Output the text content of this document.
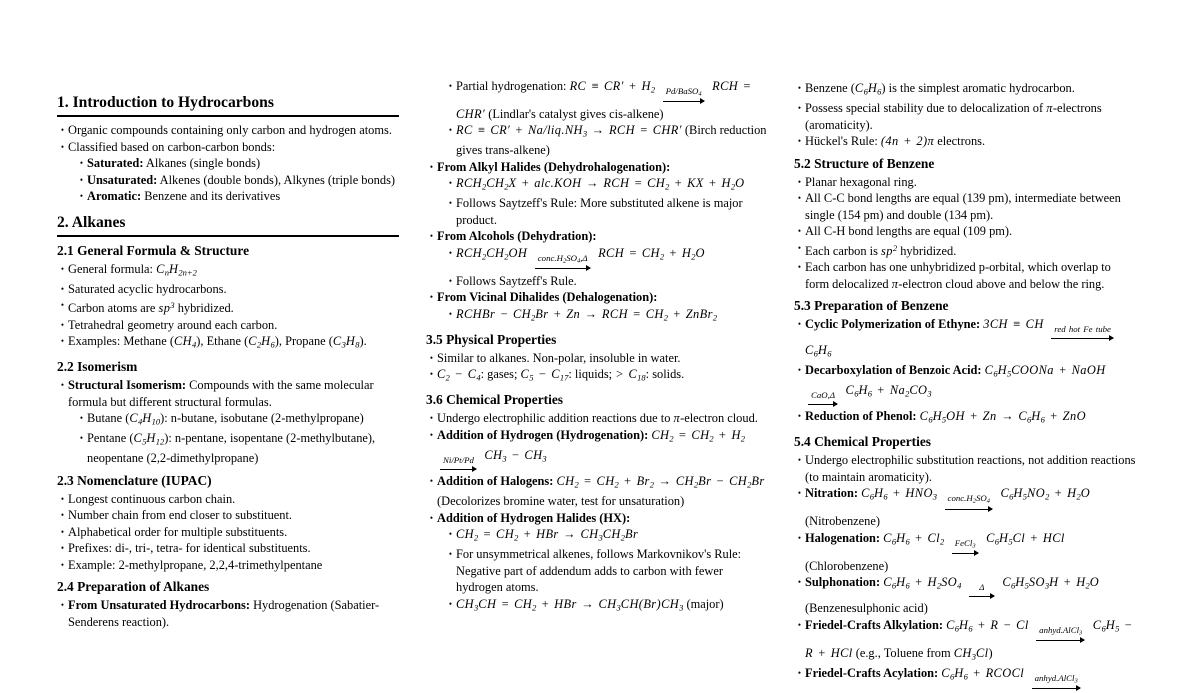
1. Introduction to Hydrocarbons
• Organic compounds containing only carbon and hydrogen atoms.
• Classified based on carbon-carbon bonds:
• Saturated: Alkanes (single bonds)
• Unsaturated: Alkenes (double bonds), Alkynes (triple bonds)
• Aromatic: Benzene and its derivatives
2. Alkanes
2.1 General Formula & Structure
• General formula: $C_nH_{2n+2}$
• Saturated acyclic hydrocarbons.
• Carbon atoms are $sp^3$ hybridized.
• Tetrahedral geometry around each carbon.
• Examples: Methane $(CH_4)$, Ethane $(C_2H_6)$, Propane $(C_3H_8)$.
2.2 Isomerism
• Structural Isomerism: Compounds with the same molecular formula but different structural formulas.
• Butane $(C_4H_{10})$: n-butane, isobutane (2-methylpropane)
• Pentane $(C_5H_{12})$: n-pentane, isopentane (2-methylbutane), neopentane (2,2-dimethylpropane)
2.3 Nomenclature (IUPAC)
• Longest continuous carbon chain.
• Number chain from end closer to substituent.
• Alphabetical order for multiple substituents.
• Prefixes: di-, tri-, tetra- for identical substituents.
• Example: 2-methylpropane, 2,2,4-trimethylpentane
2.4 Preparation of Alkanes
• From Unsaturated Hydrocarbons: Hydrogenation (Sabatier-Senderens reaction).
• Partial hydrogenation: RC ≡ $CR' + H_2$	Pd/BaSO$_4$
RCH = CHR′ (Lindlar's catalyst gives cis-alkene)
• RC ≡ $CR' + Na/liq.NH_3$ → RCH = CHR′ (Birch reduction gives trans-alkene)
• From Alkyl Halides (Dehydrohalogenation):
• $RCH_2CH_2X + alc.KOH$ → RCH = $CH_2$ + KX + $H_2O$
• Follows Saytzeff's Rule: More substituted alkene is major product.
• From Alcohols (Dehydration):
• $RCH_2CH_2OH$	$conc.H_2SO_4,\Delta$ RCH = $CH_2 + H_2O$
• Follows Saytzeff's Rule.
• From Vicinal Dihalides (Dehalogenation):
• RCHBr − $CH_2Br + Zn$ → RCH = $CH_2$ + ZnBr$_2$
3.5 Physical Properties
• Similar to alkanes. Non-polar, insoluble in water.
• $C_2 - C_4$: gases; $C_5 - C_{17}$: liquids; > $C_{18}$: solids.
3.6 Chemical Properties
• Undergo electrophilic addition reactions due to π-electron cloud.
• Addition of Hydrogen (Hydrogenation): $CH_2 = CH_2 + H_2$
Ni/Pt/Pd $CH_3 - CH_3$
• Addition of Halogens: $CH_2 = CH_2 + Br_2 \to CH_2Br - CH_2Br$ (Decolorizes bromine water, test for unsaturation)
• Addition of Hydrogen Halides (HX):
• $CH_2 = CH_2$ + HBr → $CH_3CH_2Br$
• For unsymmetrical alkenes, follows Markovnikov's Rule: Negative part of addendum adds to carbon with fewer hydrogen atoms.
• $CH_3CH = CH_2$ + HBr → $CH_3CH(Br)CH_3$ (major)
• Benzene $(C_6H_6)$ is the simplest aromatic hydrocarbon.
• Possess special stability due to delocalization of π-electrons (aromaticity).
• Hückel's Rule: (4n + 2)π electrons.
5.2 Structure of Benzene
• Planar hexagonal ring.
• All C-C bond lengths are equal (139 pm), intermediate between single (154 pm) and double (134 pm).
• All C-H bond lengths are equal (109 pm).
• Each carbon is $sp^2$ hybridized.
• Each carbon has one unhybridized p-orbital, which overlap to form delocalized π-electron cloud above and below the ring.
5.3 Preparation of Benzene
• Cyclic Polymerization of Ethyne: 3CH ≡ CH	red hot Fe tube
$C_6H_6$
• Decarboxylation of Benzoic Acid: $C_6H_5COONa$ + NaOH
CaO,Δ $C_6H_6 + Na_2CO_3$
• Reduction of Phenol: $C_6H_5OH + Zn \to C_6H_6$ + ZnO
5.4 Chemical Properties
• Undergo electrophilic substitution reactions, not addition reactions (to maintain aromaticity).
• Nitration: $C_6H_6 + HNO_3$	$conc.H_2SO_4$
$C_6H_5NO_2 + H_2O$ (Nitrobenzene)
• Halogenation: $C_6H_6 + Cl_2$	FeCl$_3$
$C_6H_5Cl$ + HCl (Chlorobenzene)
• Sulphonation: $C_6H_6 + H_2SO_4$	Δ $C_6H_5SO_3H + H_2O$ (Benzenesulphonic acid)
• Friedel-Crafts Alkylation: $C_6H_6 + R - Cl$	anhyd.AlCl$_3$
$C_6H_5 - R$ + HCl (e.g., Toluene from $CH_3Cl$)
• Friedel-Crafts Acylation: $C_6H_6$ + RCOCl	anhyd.AlCl$_3$
